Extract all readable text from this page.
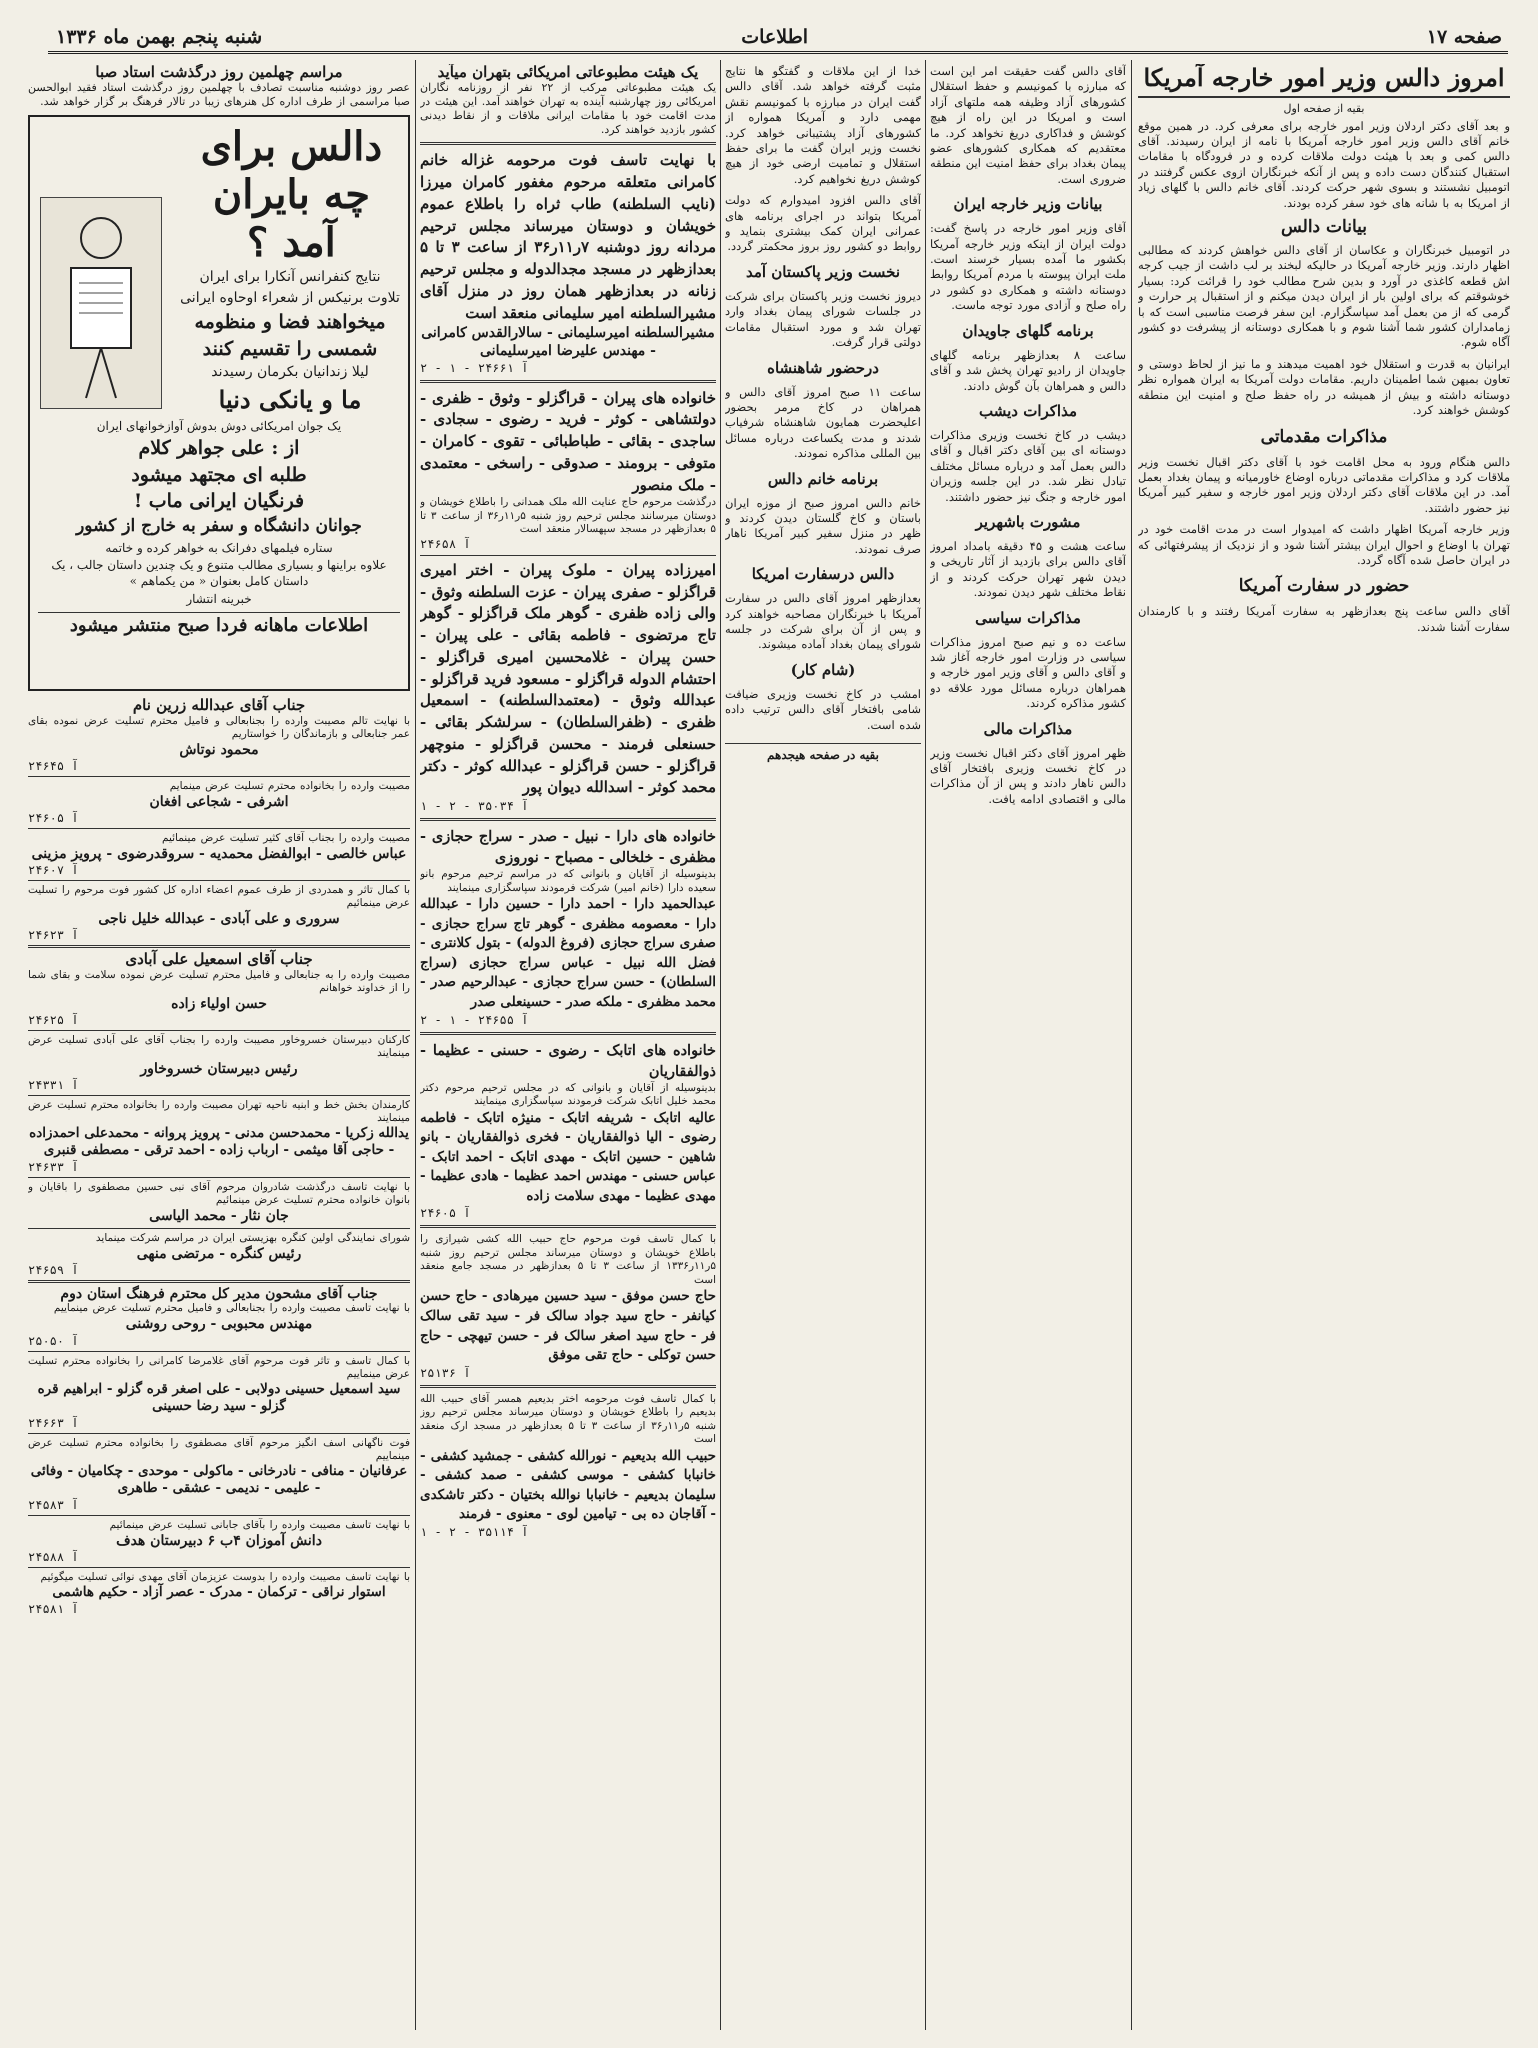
صفحه ۱۷
اطلاعات
شنبه پنجم بهمن ماه ۱۳۳۶
امروز دالس وزیر امور خارجه آمریکا
بقیه از صفحه اول
و بعد آقای دکتر اردلان وزیر امور خارجه برای معرفی کرد. در همین موقع خانم آقای دالس وزیر امور خارجه آمریکا با نامه از ایران رسیدند. آقای دالس کمی و بعد با هیئت دولت ملاقات کرده و در فرودگاه با مقامات استقبال کنندگان دست داده و پس از آنکه خبرنگاران ازوی عکس گرفتند در اتومبیل نشستند و بسوی شهر حرکت کردند. آقای خانم دالس با گلهای زیاد از امریکا به با شانه های خود سفر کرده بودند.
بیانات دالس
در اتومبیل خبرنگاران و عکاسان از آقای دالس خواهش کردند که مطالبی اظهار دارند. وزیر خارجه آمریکا در حالیکه لبخند بر لب داشت از جیب کرجه اش قطعه کاغذی در آورد و بدین شرح مطالب خود را قرائت کرد: بسیار خوشوقتم که برای اولین بار از ایران دیدن میکنم و از استقبال پر حرارت و گرمی که از من بعمل آمد سپاسگزارم. این سفر فرصت مناسبی است که با زمامداران کشور شما آشنا شوم و با همکاری دوستانه از پیشرفت دو کشور آگاه شوم.
ایرانیان به قدرت و استقلال خود اهمیت میدهند و ما نیز از لحاظ دوستی و تعاون بمیهن شما اطمینان داریم. مقامات دولت آمریکا به ایران همواره نظر دوستانه داشته و بیش از همیشه در راه حفظ صلح و امنیت این منطقه کوشش خواهند کرد.
مذاکرات مقدماتی
دالس هنگام ورود به محل اقامت خود با آقای دکتر اقبال نخست وزیر ملاقات کرد و مذاکرات مقدماتی درباره اوضاع خاورمیانه و پیمان بغداد بعمل آمد. در این ملاقات آقای دکتر اردلان وزیر امور خارجه و سفیر کبیر آمریکا نیز حضور داشتند.
وزیر خارجه آمریکا اظهار داشت که امیدوار است در مدت اقامت خود در تهران با اوضاع و احوال ایران بیشتر آشنا شود و از نزدیک از پیشرفتهائی که در ایران حاصل شده آگاه گردد.
حضور در سفارت آمریکا
آقای دالس ساعت پنج بعدازظهر به سفارت آمریکا رفتند و با کارمندان سفارت آشنا شدند.
آقای دالس گفت حقیقت امر این است که مبارزه با کمونیسم و حفظ استقلال کشورهای آزاد وظیفه همه ملتهای آزاد است و امریکا در این راه از هیچ کوشش و فداکاری دریغ نخواهد کرد. ما معتقدیم که همکاری کشورهای عضو پیمان بغداد برای حفظ امنیت این منطقه ضروری است.
بیانات وزیر خارجه ایران
آقای وزیر امور خارجه در پاسخ گفت: دولت ایران از اینکه وزیر خارجه آمریکا بکشور ما آمده بسیار خرسند است. ملت ایران پیوسته با مردم آمریکا روابط دوستانه داشته و همکاری دو کشور در راه صلح و آزادی مورد توجه ماست.
برنامه گلهای جاویدان
ساعت ۸ بعدازظهر برنامه گلهای جاویدان از رادیو تهران پخش شد و آقای دالس و همراهان بآن گوش دادند.
مذاکرات دیشب
دیشب در کاخ نخست وزیری مذاکرات دوستانه ای بین آقای دکتر اقبال و آقای دالس بعمل آمد و درباره مسائل مختلف تبادل نظر شد. در این جلسه وزیران امور خارجه و جنگ نیز حضور داشتند.
مشورت باشهریر
ساعت هشت و ۴۵ دقیقه بامداد امروز آقای دالس برای بازدید از آثار تاریخی و دیدن شهر تهران حرکت کردند و از نقاط مختلف شهر دیدن نمودند.
مذاکرات سیاسی
ساعت ده و نیم صبح امروز مذاکرات سیاسی در وزارت امور خارجه آغاز شد و آقای دالس و آقای وزیر امور خارجه و همراهان درباره مسائل مورد علاقه دو کشور مذاکره کردند.
مذاکرات مالی
ظهر امروز آقای دکتر اقبال نخست وزیر در کاخ نخست وزیری بافتخار آقای دالس ناهار دادند و پس از آن مذاکرات مالی و اقتصادی ادامه یافت.
خدا از این ملاقات و گفتگو ها نتایج مثبت گرفته خواهد شد. آقای دالس گفت ایران در مبارزه با کمونیسم نقش مهمی دارد و آمریکا همواره از کشورهای آزاد پشتیبانی خواهد کرد. نخست وزیر ایران گفت ما برای حفظ استقلال و تمامیت ارضی خود از هیچ کوشش دریغ نخواهیم کرد.
آقای دالس افزود امیدوارم که دولت آمریکا بتواند در اجرای برنامه های عمرانی ایران کمک بیشتری بنماید و روابط دو کشور روز بروز محکمتر گردد.
نخست وزیر پاکستان آمد
دیروز نخست وزیر پاکستان برای شرکت در جلسات شورای پیمان بغداد وارد تهران شد و مورد استقبال مقامات دولتی قرار گرفت.
درحضور شاهنشاه
ساعت ۱۱ صبح امروز آقای دالس و همراهان در کاخ مرمر بحضور اعلیحضرت همایون شاهنشاه شرفیاب شدند و مدت یکساعت درباره مسائل بین المللی مذاکره نمودند.
برنامه خانم دالس
خانم دالس امروز صبح از موزه ایران باستان و کاخ گلستان دیدن کردند و ظهر در منزل سفیر کبیر آمریکا ناهار صرف نمودند.
دالس درسفارت امریکا
بعدازظهر امروز آقای دالس در سفارت آمریکا با خبرنگاران مصاحبه خواهند کرد و پس از آن برای شرکت در جلسه شورای پیمان بغداد آماده میشوند.
(شام کار)
امشب در کاخ نخست وزیری ضیافت شامی بافتخار آقای دالس ترتیب داده شده است.
بقیه در صفحه هیجدهم
یک هیئت مطبوعاتی امریکائی بتهران میآید
یک هیئت مطبوعاتی مرکب از ۲۲ نفر از روزنامه نگاران امریکائی روز چهارشنبه آینده به تهران خواهند آمد. این هیئت در مدت اقامت خود با مقامات ایرانی ملاقات و از نقاط دیدنی کشور بازدید خواهند کرد.
با نهایت تاسف فوت مرحومه غزاله خانم کامرانی متعلقه مرحوم مغفور کامران میرزا (نایب السلطنه) طاب ثراه را باطلاع عموم خویشان و دوستان میرساند مجلس ترحیم مردانه روز دوشنبه ۷ر۱۱ر۳۶ از ساعت ۳ تا ۵ بعدازظهر در مسجد مجدالدوله و مجلس ترحیم زنانه در بعدازظهر همان روز در منزل آقای مشیرالسلطنه امیر سلیمانی منعقد است
مشیرالسلطنه امیرسلیمانی - سالارالقدس کامرانی - مهندس علیرضا امیرسلیمانی
آ ۲۴۶۶۱ - ۱ - ۲
خانواده های پیران - قراگزلو - وثوق - ظفری - دولتشاهی - کوثر - فرید - رضوی - سجادی - ساجدی - بقائی - طباطبائی - تقوی - کامران - متوفی - برومند - صدوقی - راسخی - معتمدی - ملک منصور
درگذشت مرحوم حاج عنایت الله ملک همدانی را باطلاع خویشان و دوستان میرسانند مجلس ترحیم روز شنبه ۵ر۱۱ر۳۶ از ساعت ۳ تا ۵ بعدازظهر در مسجد سپهسالار منعقد است
آ ۲۴۶۵۸
امیرزاده پیران - ملوک پیران - اختر امیری قراگزلو - صفری پیران - عزت السلطنه وثوق - والی زاده ظفری - گوهر ملک قراگزلو - گوهر تاج مرتضوی - فاطمه بقائی - علی پیران - حسن پیران - غلامحسین امیری قراگزلو - احتشام الدوله قراگزلو - مسعود فرید قراگزلو - عبدالله وثوق - (معتمدالسلطنه) - اسمعیل ظفری - (ظفرالسلطان) - سرلشکر بقائی - حسنعلی فرمند - محسن قراگزلو - منوچهر قراگزلو - حسن قراگزلو - عبدالله کوثر - دکتر محمد کوثر - اسدالله دیوان پور
آ ۳۵۰۳۴ - ۲ - ۱
خانواده های دارا - نبیل - صدر - سراج حجازی - مظفری - خلخالی - مصباح - نوروزی
بدینوسیله از آقایان و بانوانی که در مراسم ترحیم مرحوم بانو سعیده دارا (خانم امیر) شرکت فرمودند سپاسگزاری مینمایند
عبدالحمید دارا - احمد دارا - حسین دارا - عبدالله دارا - معصومه مظفری - گوهر تاج سراج حجازی - صفری سراج حجازی (فروغ الدوله) - بتول کلانتری - فضل الله نبیل - عباس سراج حجازی (سراج السلطان) - حسن سراج حجازی - عبدالرحیم صدر - محمد مظفری - ملکه صدر - حسینعلی صدر
آ ۲۴۶۵۵ - ۱ - ۲
خانواده های اتابک - رضوی - حسنی - عظیما - ذوالفقاریان
بدینوسیله از آقایان و بانوانی که در مجلس ترحیم مرحوم دکتر محمد خلیل اتابک شرکت فرمودند سپاسگزاری مینمایند
عالیه اتابک - شریفه اتابک - منیژه اتابک - فاطمه رضوی - الیا ذوالفقاریان - فخری ذوالفقاریان - بانو شاهین - حسین اتابک - مهدی اتابک - احمد اتابک - عباس حسنی - مهندس احمد عظیما - هادی عظیما - مهدی عظیما - مهدی سلامت زاده
آ ۲۴۶۰۵
با کمال تاسف فوت مرحوم حاج حبیب الله کشی شیرازی را باطلاع خویشان و دوستان میرساند مجلس ترحیم روز شنبه ۵ر۱۱ر۱۳۳۶ از ساعت ۳ تا ۵ بعدازظهر در مسجد جامع منعقد است
حاج حسن موفق - سید حسین میرهادی - حاج حسن کیانفر - حاج سید جواد سالک فر - سید تقی سالک فر - حاج سید اصغر سالک فر - حسن تیهچی - حاج حسن توکلی - حاج تقی موفق
آ ۲۵۱۳۶
با کمال تاسف فوت مرحومه اختر بدیعیم همسر آقای حبیب الله بدیعیم را باطلاع خویشان و دوستان میرساند مجلس ترحیم روز شنبه ۵ر۱۱ر۳۶ از ساعت ۳ تا ۵ بعدازظهر در مسجد ارک منعقد است
حبیب الله بدیعیم - نورالله کشفی - جمشید کشفی - خانبابا کشفی - موسی کشفی - صمد کشفی - سلیمان بدیعیم - خانبابا نوالله بختیان - دکتر تاشکدی - آقاجان ده بی - تیامین لوی - معنوی - فرمند
آ ۳۵۱۱۴ - ۲ - ۱
مراسم چهلمین روز درگذشت استاد صبا
عصر روز دوشنبه مناسبت تصادف با چهلمین روز درگذشت استاد فقید ابوالحسن صبا مراسمی از طرف اداره کل هنرهای زیبا در تالار فرهنگ بر گزار خواهد شد.
دالس برای چه بایران آمد ؟
نتایج کنفرانس آنکارا برای ایران
تلاوت برنیکس از شعراء اوحاوه ایرانی
میخواهند فضا و منظومه
شمسی را تقسیم کنند
لیلا زندانیان بکرمان رسیدند
ما و یانکی دنیا
یک جوان امریکائی دوش بدوش آوازخوانهای ایران
از : علی جواهر کلام
طلبه ای مجتهد میشود
فرنگیان ایرانی ماب !
جوانان دانشگاه و سفر به خارج از کشور
ستاره فیلمهای دفرانک به خواهر کرده و خاتمه
علاوه براینها و بسیاری مطالب متنوع و یک چندین داستان جالب ، یک داستان کامل بعنوان « من یکماهم »
خبرینه انتشار
اطلاعات ماهانه فردا صبح منتشر میشود
جناب آقای عبدالله زرین نام
با نهایت تالم مصیبت وارده را بجنابعالی و فامیل محترم تسلیت عرض نموده بقای عمر جنابعالی و بازماندگان را خواستاریم
محمود نوتاش
آ ۲۴۶۴۵
مصیبت وارده را بخانواده محترم تسلیت عرض مینمایم
اشرفی - شجاعی افغان
آ ۲۴۶۰۵
مصیبت وارده را بجناب آقای کثیر تسلیت عرض مینمائیم
عباس خالصی - ابوالفضل محمدیه - سروقدرضوی - پرویز مزینی
آ ۲۴۶۰۷
با کمال تاثر و همدردی از طرف عموم اعضاء اداره کل کشور فوت مرحوم را تسلیت عرض مینمائیم
سروری و علی آبادی - عبدالله خلیل ناجی
آ ۲۴۶۲۳
جناب آقای اسمعیل علی آبادی
مصیبت وارده را به جنابعالی و فامیل محترم تسلیت عرض نموده سلامت و بقای شما را از خداوند خواهانم
حسن اولیاء زاده
آ ۲۴۶۲۵
کارکنان دبیرستان خسروخاور مصیبت وارده را بجناب آقای علی آبادی تسلیت عرض مینمایند
رئیس دبیرستان خسروخاور
آ ۲۴۳۳۱
کارمندان بخش خط و ابنیه ناحیه تهران مصیبت وارده را بخانواده محترم تسلیت عرض مینمایند
یدالله زکریا - محمدحسن مدنی - پرویز پروانه - محمدعلی احمدزاده - حاجی آقا میثمی - ارباب زاده - احمد ترقی - مصطفی قنبری
آ ۲۴۶۳۳
با نهایت تاسف درگذشت شادروان مرحوم آقای نبی حسین مصطفوی را باقایان و بانوان خانواده محترم تسلیت عرض مینمائیم
جان نثار - محمد الیاسی
شورای نمایندگی اولین کنگره بهزیستی ایران در مراسم شرکت مینماید
رئیس کنگره - مرتضی منهی
آ ۲۴۶۵۹
جناب آقای مشحون مدیر کل محترم فرهنگ استان دوم
با نهایت تاسف مصیبت وارده را بجنابعالی و فامیل محترم تسلیت عرض مینماییم
مهندس محبوبی - روحی روشنی
آ ۲۵۰۵۰
با کمال تاسف و تاثر فوت مرحوم آقای غلامرضا کامرانی را بخانواده محترم تسلیت عرض مینماییم
سید اسمعیل حسینی دولابی - علی اصغر قره گزلو - ابراهیم قره گزلو - سید رضا حسینی
آ ۲۴۶۶۳
فوت ناگهانی اسف انگیز مرحوم آقای مصطفوی را بخانواده محترم تسلیت عرض مینماییم
عرفانیان - منافی - نادرخانی - ماکولی - موحدی - چکامیان - وفائی - علیمی - ندیمی - عشقی - طاهری
آ ۲۴۵۸۳
با نهایت تاسف مصیبت وارده را بآقای جابانی تسلیت عرض مینمائیم
دانش آموزان ۴ب ۶ دبیرستان هدف
آ ۲۴۵۸۸
با نهایت تاسف مصیبت وارده را بدوست عزیزمان آقای مهدی نوائی تسلیت میگوئیم
استوار نراقی - ترکمان - مدرک - عصر آزاد - حکیم هاشمی
آ ۲۴۵۸۱
